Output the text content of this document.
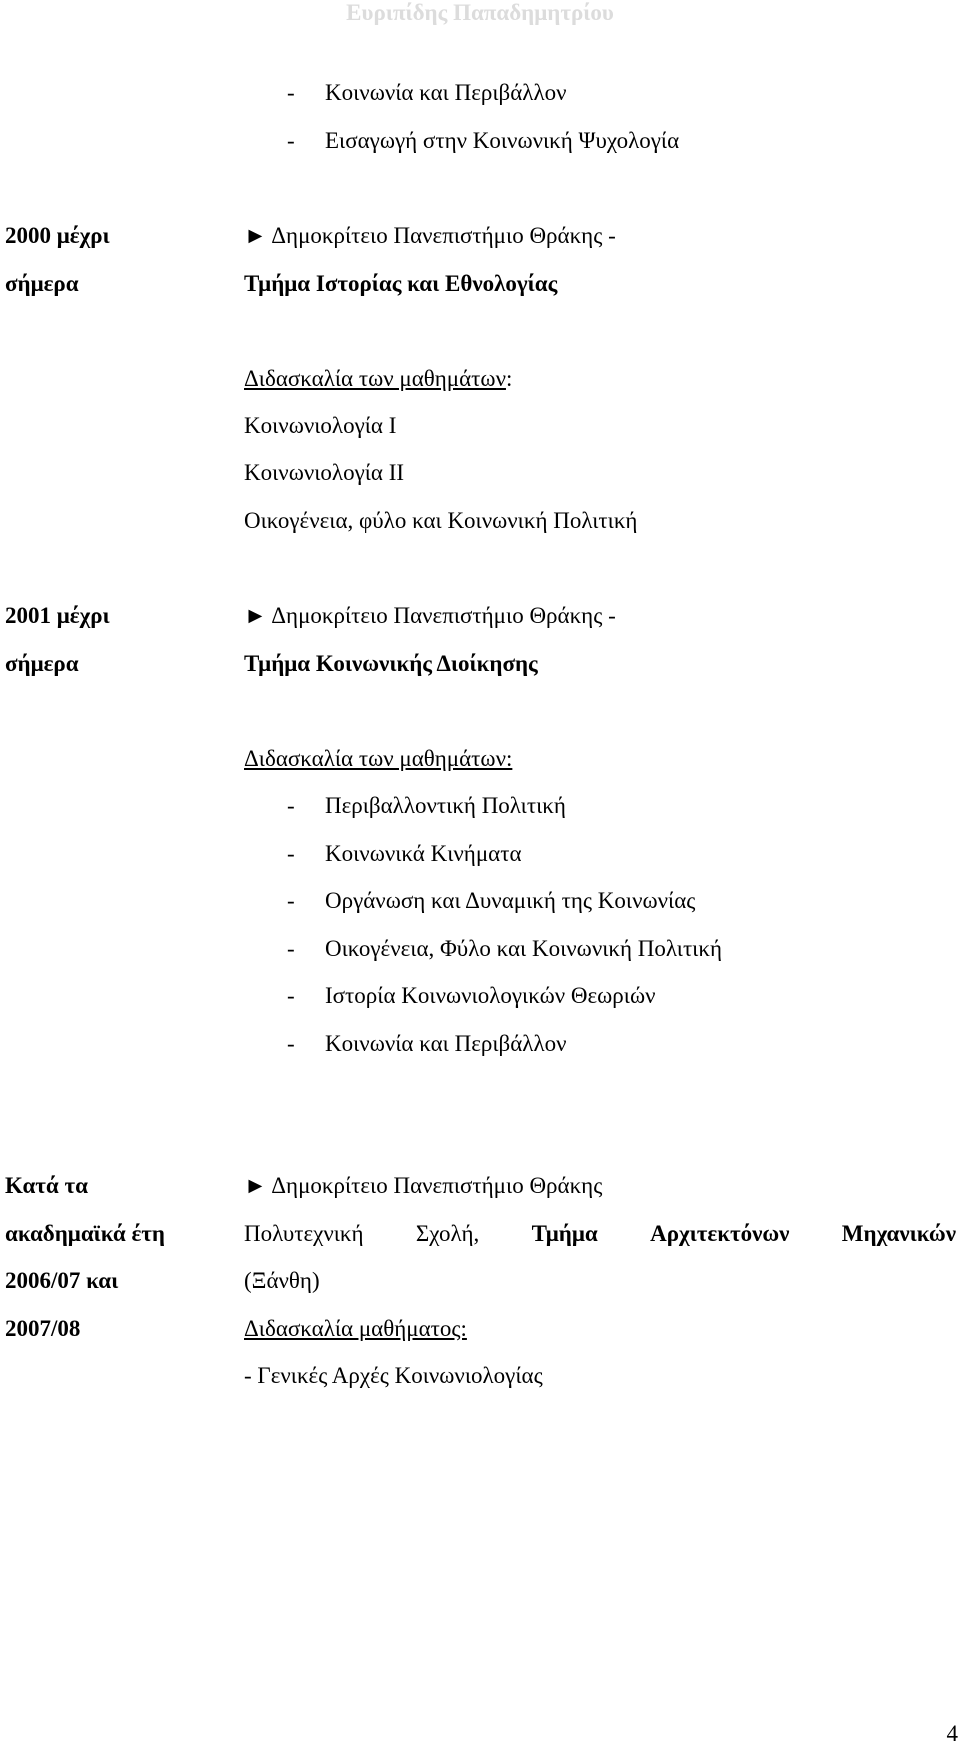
Ευριπίδης Παπαδημητρίου
- Κοινωνία και Περιβάλλον
- Εισαγωγή στην Κοινωνική Ψυχολογία
2000 μέχρι
σήμερα
► Δημοκρίτειο Πανεπιστήμιο Θράκης -
Τμήμα Ιστορίας και Εθνολογίας
Διδασκαλία των μαθημάτων:
Κοινωνιολογία Ι
Κοινωνιολογία ΙΙ
Οικογένεια, φύλο και Κοινωνική Πολιτική
2001 μέχρι
σήμερα
► Δημοκρίτειο Πανεπιστήμιο Θράκης -
Τμήμα Κοινωνικής Διοίκησης
Διδασκαλία των μαθημάτων:
- Περιβαλλοντική Πολιτική
- Κοινωνικά Κινήματα
- Οργάνωση και Δυναμική της Κοινωνίας
- Οικογένεια, Φύλο και Κοινωνική Πολιτική
- Ιστορία Κοινωνιολογικών Θεωριών
- Κοινωνία και Περιβάλλον
Κατά τα
ακαδημαϊκά έτη
2006/07 και
2007/08
► Δημοκρίτειο Πανεπιστήμιο Θράκης
Πολυτεχνική Σχολή, Τμήμα Αρχιτεκτόνων Μηχανικών
(Ξάνθη)
Διδασκαλία μαθήματος:
- Γενικές Αρχές Κοινωνιολογίας
4
